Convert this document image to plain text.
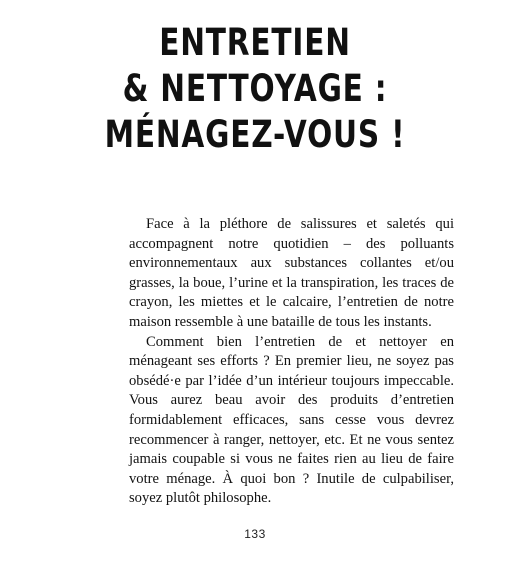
ENTRETIEN
& NETTOYAGE :
MÉNAGEZ-VOUS !

Face à la pléthore de salissures et saletés qui accompagnent notre quotidien – des polluants environnementaux aux substances collantes et/ou grasses, la boue, l’urine et la transpiration, les traces de crayon, les miettes et le calcaire, l’entretien de notre maison ressemble à une bataille de tous les instants.

Comment bien l’entretien de et nettoyer en ménageant ses efforts ? En premier lieu, ne soyez pas obsédé·e par l’idée d’un intérieur toujours impeccable. Vous aurez beau avoir des produits d’entretien formidablement efficaces, sans cesse vous devrez recommencer à ranger, nettoyer, etc. Et ne vous sentez jamais coupable si vous ne faites rien au lieu de faire votre ménage. À quoi bon ? Inutile de culpabiliser, soyez plutôt philosophe.

133
